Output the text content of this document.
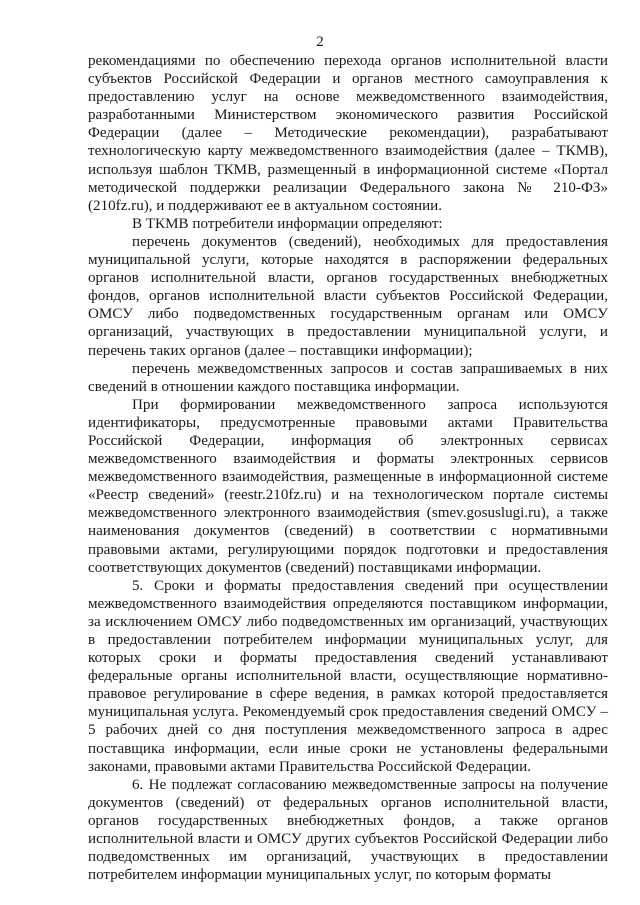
2

рекомендациями по обеспечению перехода органов исполнительной власти
субъектов Российской Федерации и органов местного самоуправления к
предоставлению услуг на основе межведомственного взаимодействия,
разработанными Министерством экономического развития Российской
Федерации (далее – Методические рекомендации), разрабатывают
технологическую карту межведомственного взаимодействия (далее – ТКМВ),
используя шаблон ТКМВ, размещенный в информационной системе «Портал
методической поддержки реализации Федерального закона № 210-ФЗ»
(210fz.ru), и поддерживают ее в актуальном состоянии.

В ТКМВ потребители информации определяют:

перечень документов (сведений), необходимых для предоставления
муниципальной услуги, которые находятся в распоряжении федеральных
органов исполнительной власти, органов государственных внебюджетных
фондов, органов исполнительной власти субъектов Российской Федерации,
ОМСУ либо подведомственных государственным органам или ОМСУ
организаций, участвующих в предоставлении муниципальной услуги, и
перечень таких органов (далее – поставщики информации);

перечень межведомственных запросов и состав запрашиваемых в них
сведений в отношении каждого поставщика информации.

При формировании межведомственного запроса используются
идентификаторы, предусмотренные правовыми актами Правительства
Российской Федерации, информация об электронных сервисах
межведомственного взаимодействия и форматы электронных сервисов
межведомственного взаимодействия, размещенные в информационной системе
«Реестр сведений» (reestr.210fz.ru) и на технологическом портале системы
межведомственного электронного взаимодействия (smev.gosuslugi.ru), а также
наименования документов (сведений) в соответствии с нормативными
правовыми актами, регулирующими порядок подготовки и предоставления
соответствующих документов (сведений) поставщиками информации.

5. Сроки и форматы предоставления сведений при осуществлении
межведомственного взаимодействия определяются поставщиком информации,
за исключением ОМСУ либо подведомственных им организаций, участвующих
в предоставлении потребителем информации муниципальных услуг, для
которых сроки и форматы предоставления сведений устанавливают
федеральные органы исполнительной власти, осуществляющие нормативно-
правовое регулирование в сфере ведения, в рамках которой предоставляется
муниципальная услуга. Рекомендуемый срок предоставления сведений ОМСУ –
5 рабочих дней со дня поступления межведомственного запроса в адрес
поставщика информации, если иные сроки не установлены федеральными
законами, правовыми актами Правительства Российской Федерации.

6. Не подлежат согласованию межведомственные запросы на получение
документов (сведений) от федеральных органов исполнительной власти,
органов государственных внебюджетных фондов, а также органов
исполнительной власти и ОМСУ других субъектов Российской Федерации либо
подведомственных им организаций, участвующих в предоставлении
потребителем информации муниципальных услуг, по которым форматы
